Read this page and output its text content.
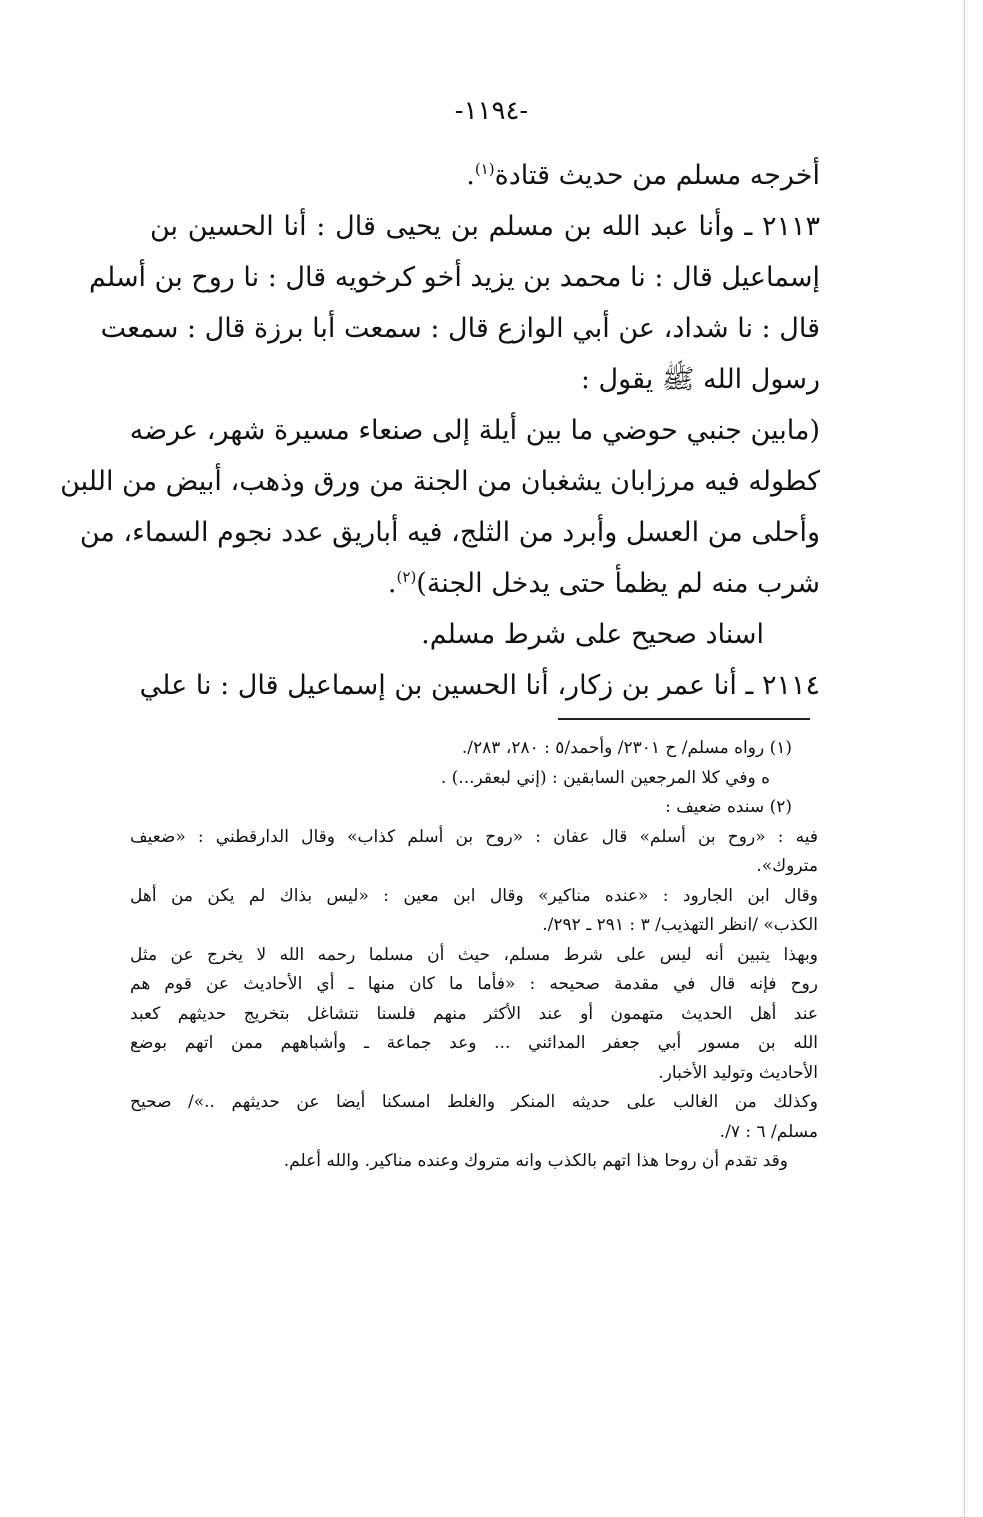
-١١٩٤-
أخرجه مسلم من حديث قتادة$^{(١)}$.
٢١١٣ ـ وأنا عبد الله بن مسلم بن يحيى قال : أنا الحسين بن
إسماعيل قال : نا محمد بن يزيد أخو كرخويه قال : نا روح بن أسلم
قال : نا شداد، عن أبي الوازع قال : سمعت أبا برزة قال : سمعت
رسول الله ﷺ يقول :
(مابين جنبي حوضي ما بين أيلة إلى صنعاء مسيرة شهر، عرضه
كطوله فيه مرزابان يشغبان من الجنة من ورق وذهب، أبيض من اللبن
وأحلى من العسل وأبرد من الثلج، فيه أباريق عدد نجوم السماء، من
شرب منه لم يظمأ حتى يدخل الجنة)$^{(٢)}$.
اسناد صحيح على شرط مسلم.
٢١١٤ ـ أنا عمر بن زكار، أنا الحسين بن إسماعيل قال : نا علي
(١) رواه مسلم/ ح ٢٣٠١/ وأحمد/٥ : ٢٨٠، ٢٨٣/.
ه وفي كلا المرجعين السابقين : (إني لبعقر...) .
(٢) سنده ضعيف :
فيه : «روح بن أسلم» قال عفان : «روح بن أسلم كذاب» وقال الدارقطني : «ضعيف
متروك».
وقال ابن الجارود : «عنده مناكير» وقال ابن معين : «ليس بذاك لم يكن من أهل
الكذب» /انظر التهذيب/ ٣ : ٢٩١ ـ ٢٩٢/.
وبهذا يتبين أنه ليس على شرط مسلم، حيث أن مسلما رحمه الله لا يخرج عن مثل
روح فإنه قال في مقدمة صحيحه : «فأما ما كان منها ـ أي الأحاديث عن قوم هم
عند أهل الحديث متهمون أو عند الأكثر منهم فلسنا نتشاغل بتخريج حديثهم كعبد
الله بن مسور أبي جعفر المدائني ... وعد جماعة ـ وأشباههم ممن اتهم بوضع
الأحاديث وتوليد الأخبار.
وكذلك من الغالب على حديثه المنكر والغلط امسكنا أيضا عن حديثهم ..»/ صحيح
مسلم/ ٦ : ٧/.
وقد تقدم أن روحا هذا اتهم بالكذب وانه متروك وعنده مناكير. والله أعلم.
